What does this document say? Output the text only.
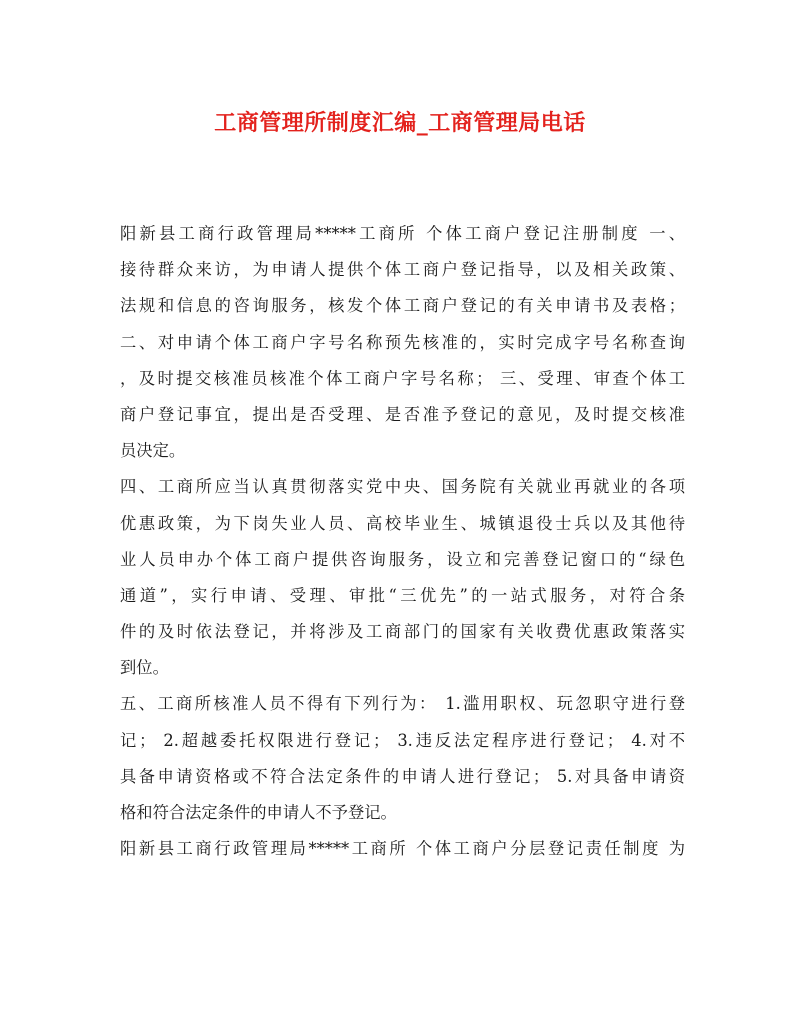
工商管理所制度汇编_工商管理局电话
阳新县工商行政管理局*****工商所 个体工商户登记注册制度 一、
接待群众来访，为申请人提供个体工商户登记指导，以及相关政策、
法规和信息的咨询服务，核发个体工商户登记的有关申请书及表格；
二、对申请个体工商户字号名称预先核准的，实时完成字号名称查询
，及时提交核准员核准个体工商户字号名称； 三、受理、审查个体工
商户登记事宜，提出是否受理、是否准予登记的意见，及时提交核准
员决定。
四、工商所应当认真贯彻落实党中央、国务院有关就业再就业的各项
优惠政策，为下岗失业人员、高校毕业生、城镇退役士兵以及其他待
业人员申办个体工商户提供咨询服务，设立和完善登记窗口的“绿色
通道”，实行申请、受理、审批“三优先”的一站式服务，对符合条
件的及时依法登记，并将涉及工商部门的国家有关收费优惠政策落实
到位。
五、工商所核准人员不得有下列行为： 1.滥用职权、玩忽职守进行登
记； 2.超越委托权限进行登记； 3.违反法定程序进行登记； 4.对不
具备申请资格或不符合法定条件的申请人进行登记； 5.对具备申请资
格和符合法定条件的申请人不予登记。
阳新县工商行政管理局*****工商所 个体工商户分层登记责任制度 为
